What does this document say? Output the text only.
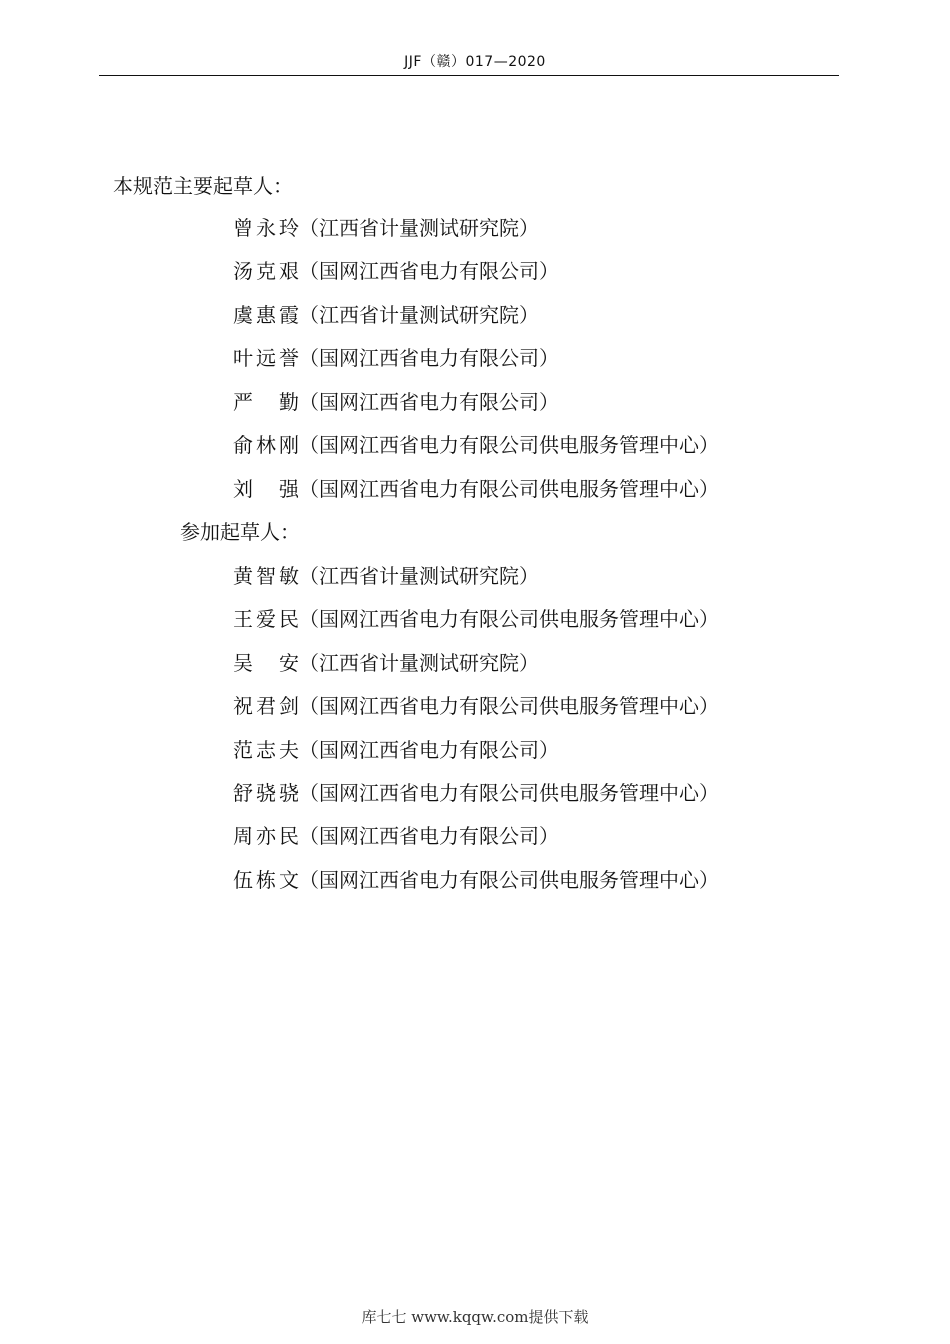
JJF（赣）017—2020
本规范主要起草人：
曾永玲（江西省计量测试研究院）
汤克艰（国网江西省电力有限公司）
虞惠霞（江西省计量测试研究院）
叶远誉（国网江西省电力有限公司）
严　勤（国网江西省电力有限公司）
俞林刚（国网江西省电力有限公司供电服务管理中心）
刘　强（国网江西省电力有限公司供电服务管理中心）
参加起草人：
黄智敏（江西省计量测试研究院）
王爱民（国网江西省电力有限公司供电服务管理中心）
吴　安（江西省计量测试研究院）
祝君剑（国网江西省电力有限公司供电服务管理中心）
范志夫（国网江西省电力有限公司）
舒骁骁（国网江西省电力有限公司供电服务管理中心）
周亦民（国网江西省电力有限公司）
伍栋文（国网江西省电力有限公司供电服务管理中心）
库七七 www.kqqw.com提供下载
